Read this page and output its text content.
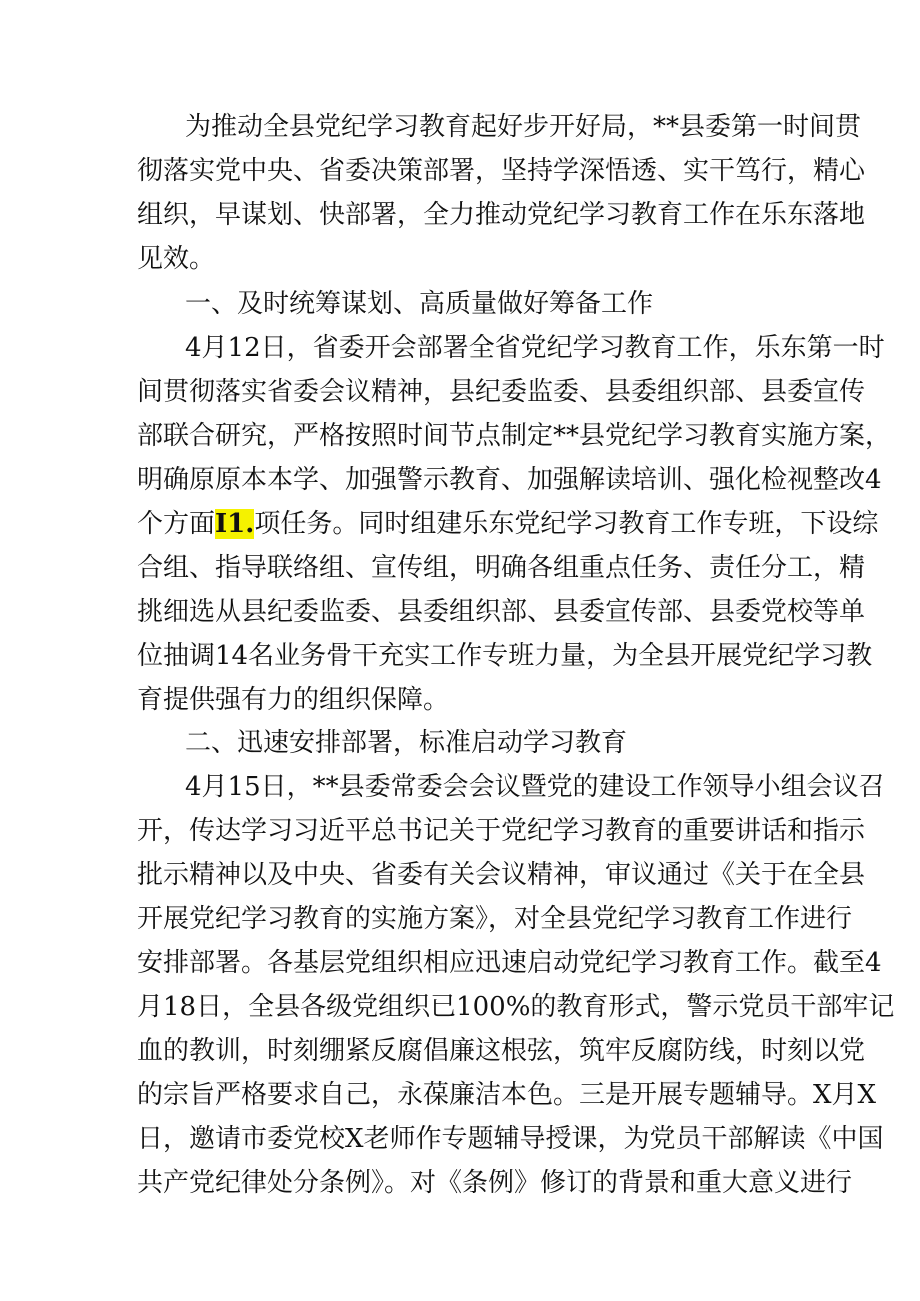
为推动全县党纪学习教育起好步开好局，**县委第一时间贯
彻落实党中央、省委决策部署，坚持学深悟透、实干笃行，精心
组织，早谋划、快部署，全力推动党纪学习教育工作在乐东落地
见效。
一、及时统筹谋划、高质量做好筹备工作
4月12日，省委开会部署全省党纪学习教育工作，乐东第一时
间贯彻落实省委会议精神，县纪委监委、县委组织部、县委宣传
部联合研究，严格按照时间节点制定**县党纪学习教育实施方案，
明确原原本本学、加强警示教育、加强解读培训、强化检视整改4
个方面I1.项任务。同时组建乐东党纪学习教育工作专班，下设综
合组、指导联络组、宣传组，明确各组重点任务、责任分工，精
挑细选从县纪委监委、县委组织部、县委宣传部、县委党校等单
位抽调14名业务骨干充实工作专班力量，为全县开展党纪学习教
育提供强有力的组织保障。
二、迅速安排部署，标准启动学习教育
4月15日，**县委常委会会议暨党的建设工作领导小组会议召
开，传达学习习近平总书记关于党纪学习教育的重要讲话和指示
批示精神以及中央、省委有关会议精神，审议通过《关于在全县
开展党纪学习教育的实施方案》，对全县党纪学习教育工作进行
安排部署。各基层党组织相应迅速启动党纪学习教育工作。截至4
月18日，全县各级党组织已100%的教育形式，警示党员干部牢记
血的教训，时刻绷紧反腐倡廉这根弦，筑牢反腐防线，时刻以党
的宗旨严格要求自己，永葆廉洁本色。三是开展专题辅导。X月X
日，邀请市委党校X老师作专题辅导授课，为党员干部解读《中国
共产党纪律处分条例》。对《条例》修订的背景和重大意义进行
